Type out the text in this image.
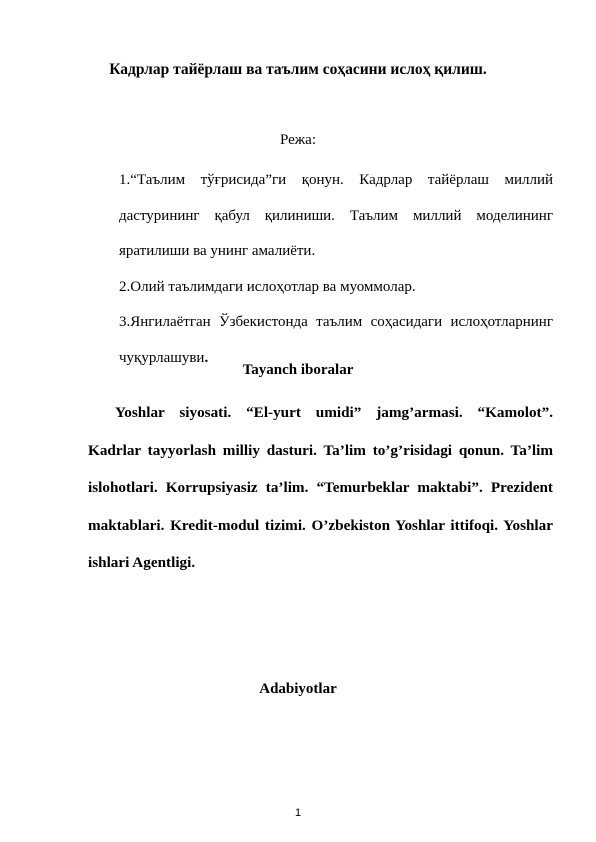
Кадрлар тайёрлаш ва таълим соҳасини ислоҳ қилиш.

Режа:

1.“Таълим тўғрисида”ги қонун. Кадрлар тайёрлаш миллий дастурининг қабул қилиниши. Таълим миллий моделининг яратилиши ва унинг амалиёти.

2.Олий таълимдаги ислоҳотлар ва муоммолар.

3.Янгилаётган Ўзбекистонда таълим соҳасидаги ислоҳотларнинг чуқурлашуви.

Tayanch iboralar

Yoshlar siyosati. “El-yurt umidi” jamg’armasi. “Kamolot”. Kadrlar tayyorlash milliy dasturi. Ta’lim to’g’risidagi qonun. Ta’lim islohotlari. Korrupsiyasiz ta’lim. “Temurbeklar maktabi”. Prezident maktablari. Kredit-modul tizimi. O’zbekiston Yoshlar ittifoqi. Yoshlar ishlari Agentligi.

Adabiyotlar
1
